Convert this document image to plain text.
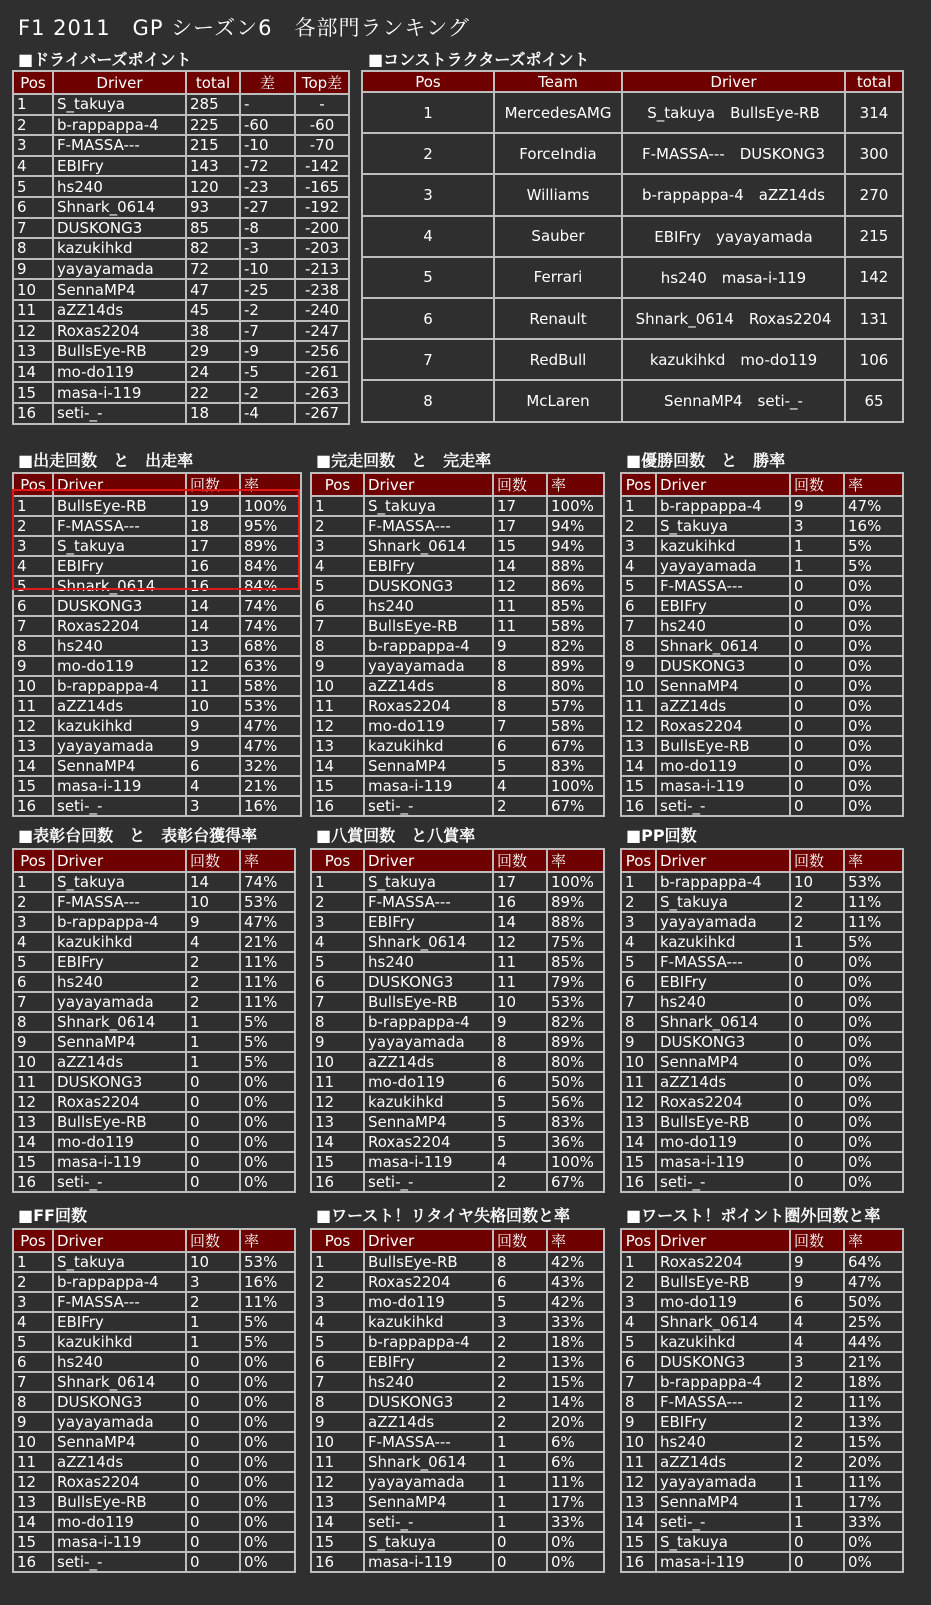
F1 2011　GP シーズン6　各部門ランキング
■ドライバーズポイント
Pos	Driver	total	差	Top差
1	S_takuya	285	-	-
2	b-rappappa-4	225	-60	-60
3	F-MASSA---	215	-10	-70
4	EBIFry	143	-72	-142
5	hs240	120	-23	-165
6	Shnark_0614	93	-27	-192
7	DUSKONG3	85	-8	-200
8	kazukihkd	82	-3	-203
9	yayayamada	72	-10	-213
10	SennaMP4	47	-25	-238
11	aZZ14ds	45	-2	-240
12	Roxas2204	38	-7	-247
13	BullsEye-RB	29	-9	-256
14	mo-do119	24	-5	-261
15	masa-i-119	22	-2	-263
16	seti-_-	18	-4	-267
■コンストラクターズポイント
Pos	Team	Driver	total
1	MercedesAMG	S_takuya　BullsEye-RB	314
2	ForceIndia	F-MASSA---　DUSKONG3	300
3	Williams	b-rappappa-4　aZZ14ds	270
4	Sauber	EBIFry　yayayamada	215
5	Ferrari	hs240　masa-i-119	142
6	Renault	Shnark_0614　Roxas2204	131
7	RedBull	kazukihkd　mo-do119	106
8	McLaren	SennaMP4　seti-_-	65
■出走回数　と　出走率
Pos	Driver	回数	率
1	BullsEye-RB	19	100%
2	F-MASSA---	18	95%
3	S_takuya	17	89%
4	EBIFry	16	84%
5	Shnark_0614	16	84%
6	DUSKONG3	14	74%
7	Roxas2204	14	74%
8	hs240	13	68%
9	mo-do119	12	63%
10	b-rappappa-4	11	58%
11	aZZ14ds	10	53%
12	kazukihkd	9	47%
13	yayayamada	9	47%
14	SennaMP4	6	32%
15	masa-i-119	4	21%
16	seti-_-	3	16%
■完走回数　と　完走率
Pos	Driver	回数	率
1	S_takuya	17	100%
2	F-MASSA---	17	94%
3	Shnark_0614	15	94%
4	EBIFry	14	88%
5	DUSKONG3	12	86%
6	hs240	11	85%
7	BullsEye-RB	11	58%
8	b-rappappa-4	9	82%
9	yayayamada	8	89%
10	aZZ14ds	8	80%
11	Roxas2204	8	57%
12	mo-do119	7	58%
13	kazukihkd	6	67%
14	SennaMP4	5	83%
15	masa-i-119	4	100%
16	seti-_-	2	67%
■優勝回数　と　勝率
Pos	Driver	回数	率
1	b-rappappa-4	9	47%
2	S_takuya	3	16%
3	kazukihkd	1	5%
4	yayayamada	1	5%
5	F-MASSA---	0	0%
6	EBIFry	0	0%
7	hs240	0	0%
8	Shnark_0614	0	0%
9	DUSKONG3	0	0%
10	SennaMP4	0	0%
11	aZZ14ds	0	0%
12	Roxas2204	0	0%
13	BullsEye-RB	0	0%
14	mo-do119	0	0%
15	masa-i-119	0	0%
16	seti-_-	0	0%
■表彰台回数　と　表彰台獲得率
Pos	Driver	回数	率
1	S_takuya	14	74%
2	F-MASSA---	10	53%
3	b-rappappa-4	9	47%
4	kazukihkd	4	21%
5	EBIFry	2	11%
6	hs240	2	11%
7	yayayamada	2	11%
8	Shnark_0614	1	5%
9	SennaMP4	1	5%
10	aZZ14ds	1	5%
11	DUSKONG3	0	0%
12	Roxas2204	0	0%
13	BullsEye-RB	0	0%
14	mo-do119	0	0%
15	masa-i-119	0	0%
16	seti-_-	0	0%
■八賞回数　と八賞率
Pos	Driver	回数	率
1	S_takuya	17	100%
2	F-MASSA---	16	89%
3	EBIFry	14	88%
4	Shnark_0614	12	75%
5	hs240	11	85%
6	DUSKONG3	11	79%
7	BullsEye-RB	10	53%
8	b-rappappa-4	9	82%
9	yayayamada	8	89%
10	aZZ14ds	8	80%
11	mo-do119	6	50%
12	kazukihkd	5	56%
13	SennaMP4	5	83%
14	Roxas2204	5	36%
15	masa-i-119	4	100%
16	seti-_-	2	67%
■PP回数
Pos	Driver	回数	率
1	b-rappappa-4	10	53%
2	S_takuya	2	11%
3	yayayamada	2	11%
4	kazukihkd	1	5%
5	F-MASSA---	0	0%
6	EBIFry	0	0%
7	hs240	0	0%
8	Shnark_0614	0	0%
9	DUSKONG3	0	0%
10	SennaMP4	0	0%
11	aZZ14ds	0	0%
12	Roxas2204	0	0%
13	BullsEye-RB	0	0%
14	mo-do119	0	0%
15	masa-i-119	0	0%
16	seti-_-	0	0%
■FF回数
Pos	Driver	回数	率
1	S_takuya	10	53%
2	b-rappappa-4	3	16%
3	F-MASSA---	2	11%
4	EBIFry	1	5%
5	kazukihkd	1	5%
6	hs240	0	0%
7	Shnark_0614	0	0%
8	DUSKONG3	0	0%
9	yayayamada	0	0%
10	SennaMP4	0	0%
11	aZZ14ds	0	0%
12	Roxas2204	0	0%
13	BullsEye-RB	0	0%
14	mo-do119	0	0%
15	masa-i-119	0	0%
16	seti-_-	0	0%
■ワースト！リタイヤ失格回数と率
Pos	Driver	回数	率
1	BullsEye-RB	8	42%
2	Roxas2204	6	43%
3	mo-do119	5	42%
4	kazukihkd	3	33%
5	b-rappappa-4	2	18%
6	EBIFry	2	13%
7	hs240	2	15%
8	DUSKONG3	2	14%
9	aZZ14ds	2	20%
10	F-MASSA---	1	6%
11	Shnark_0614	1	6%
12	yayayamada	1	11%
13	SennaMP4	1	17%
14	seti-_-	1	33%
15	S_takuya	0	0%
16	masa-i-119	0	0%
■ワースト！ポイント圏外回数と率
Pos	Driver	回数	率
1	Roxas2204	9	64%
2	BullsEye-RB	9	47%
3	mo-do119	6	50%
4	Shnark_0614	4	25%
5	kazukihkd	4	44%
6	DUSKONG3	3	21%
7	b-rappappa-4	2	18%
8	F-MASSA---	2	11%
9	EBIFry	2	13%
10	hs240	2	15%
11	aZZ14ds	2	20%
12	yayayamada	1	11%
13	SennaMP4	1	17%
14	seti-_-	1	33%
15	S_takuya	0	0%
16	masa-i-119	0	0%
